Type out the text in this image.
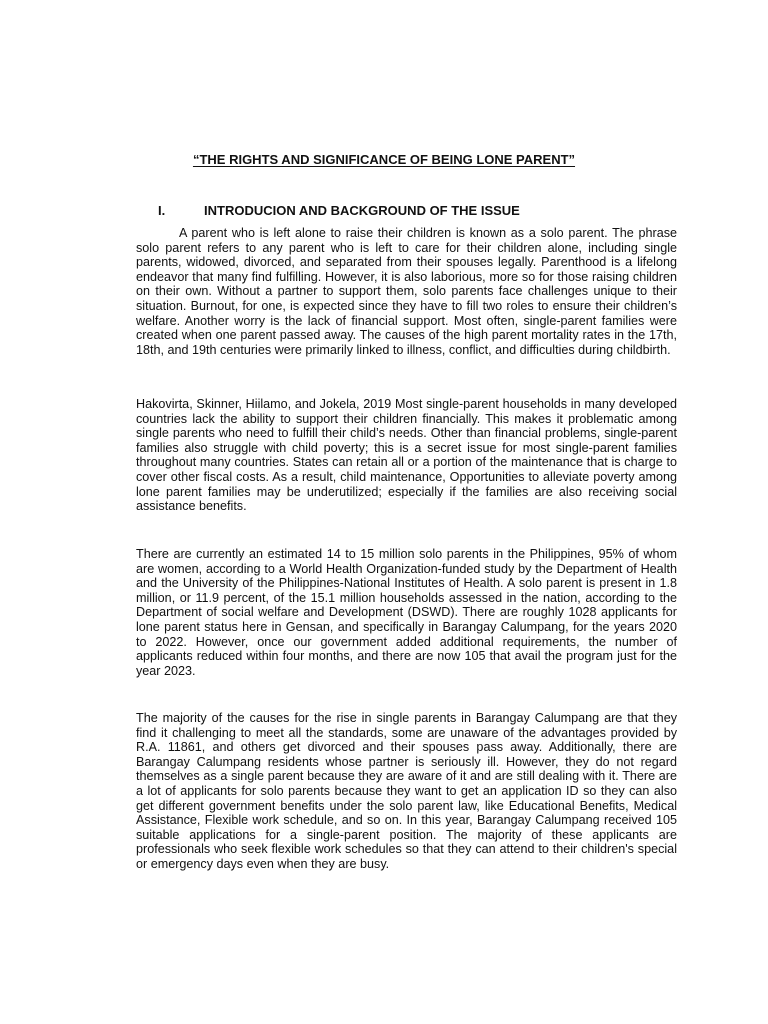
“THE RIGHTS AND SIGNIFICANCE OF BEING LONE PARENT”
I.	INTRODUCION AND BACKGROUND OF THE ISSUE

A parent who is left alone to raise their children is known as a solo parent. The phrase solo parent refers to any parent who is left to care for their children alone, including single parents, widowed, divorced, and separated from their spouses legally. Parenthood is a lifelong endeavor that many find fulfilling. However, it is also laborious, more so for those raising children on their own. Without a partner to support them, solo parents face challenges unique to their situation. Burnout, for one, is expected since they have to fill two roles to ensure their children’s welfare. Another worry is the lack of financial support. Most often, single-parent families were created when one parent passed away. The causes of the high parent mortality rates in the 17th, 18th, and 19th centuries were primarily linked to illness, conflict, and difficulties during childbirth.

Hakovirta, Skinner, Hiilamo, and Jokela, 2019 Most single-parent households in many developed countries lack the ability to support their children financially. This makes it problematic among single parents who need to fulfill their child’s needs. Other than financial problems, single-parent families also struggle with child poverty; this is a secret issue for most single-parent families throughout many countries. States can retain all or a portion of the maintenance that is charge to cover other fiscal costs. As a result, child maintenance, Opportunities to alleviate poverty among lone parent families may be underutilized; especially if the families are also receiving social assistance benefits.

There are currently an estimated 14 to 15 million solo parents in the Philippines, 95% of whom are women, according to a World Health Organization-funded study by the Department of Health and the University of the Philippines-National Institutes of Health. A solo parent is present in 1.8 million, or 11.9 percent, of the 15.1 million households assessed in the nation, according to the Department of social welfare and Development (DSWD). There are roughly 1028 applicants for lone parent status here in Gensan, and specifically in Barangay Calumpang, for the years 2020 to 2022. However, once our government added additional requirements, the number of applicants reduced within four months, and there are now 105 that avail the program just for the year 2023.

The majority of the causes for the rise in single parents in Barangay Calumpang are that they find it challenging to meet all the standards, some are unaware of the advantages provided by R.A. 11861, and others get divorced and their spouses pass away. Additionally, there are Barangay Calumpang residents whose partner is seriously ill. However, they do not regard themselves as a single parent because they are aware of it and are still dealing with it. There are a lot of applicants for solo parents because they want to get an application ID so they can also get different government benefits under the solo parent law, like Educational Benefits, Medical Assistance, Flexible work schedule, and so on. In this year, Barangay Calumpang received 105 suitable applications for a single-parent position. The majority of these applicants are professionals who seek flexible work schedules so that they can attend to their children's special or emergency days even when they are busy.
